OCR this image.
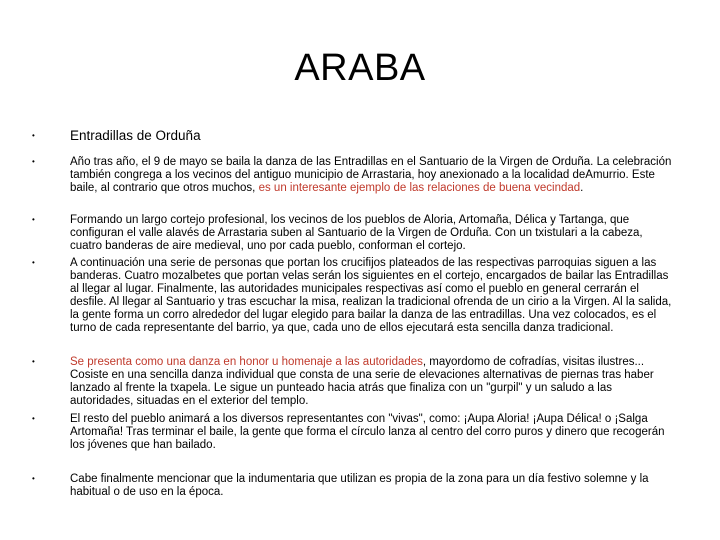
ARABA
•	Entradillas de Orduña
•	Año tras año, el 9 de mayo se baila la danza de las Entradillas en el Santuario de la Virgen de Orduña. La celebración también congrega a los vecinos del antiguo municipio de Arrastaria, hoy anexionado a la localidad deAmurrio. Este baile, al contrario que otros muchos, es un interesante ejemplo de las relaciones de buena vecindad.
•	Formando un largo cortejo profesional, los vecinos de los pueblos de Aloria, Artomaña, Délica y Tartanga, que configuran el valle alavés de Arrastaria suben al Santuario de la Virgen de Orduña. Con un txistulari a la cabeza, cuatro banderas de aire medieval, uno por cada pueblo, conforman el cortejo.
•	A continuación una serie de personas que portan los crucifijos plateados de las respectivas parroquias siguen a las banderas. Cuatro mozalbetes que portan velas serán los siguientes en el cortejo, encargados de bailar las Entradillas al llegar al lugar. Finalmente, las autoridades municipales respectivas así como el pueblo en general cerrarán el desfile. Al llegar al Santuario y tras escuchar la misa, realizan la tradicional ofrenda de un cirio a la Virgen. Al la salida, la gente forma un corro alrededor del lugar elegido para bailar la danza de las entradillas. Una vez colocados, es el turno de cada representante del barrio, ya que, cada uno de ellos ejecutará esta sencilla danza tradicional.
•	Se presenta como una danza en honor u homenaje a las autoridades, mayordomo de cofradías, visitas ilustres... Cosiste en una sencilla danza individual que consta de una serie de elevaciones alternativas de piernas tras haber lanzado al frente la txapela. Le sigue un punteado hacia atrás que finaliza con un "gurpil" y un saludo a las autoridades, situadas en el exterior del templo.
•	El resto del pueblo animará a los diversos representantes con "vivas", como: ¡Aupa Aloria! ¡Aupa Délica! o ¡Salga Artomaña! Tras terminar el baile, la gente que forma el círculo lanza al centro del corro puros y dinero que recogerán los jóvenes que han bailado.
•	Cabe finalmente mencionar que la indumentaria que utilizan es propia de la zona para un día festivo solemne y la habitual o de uso en la época.
